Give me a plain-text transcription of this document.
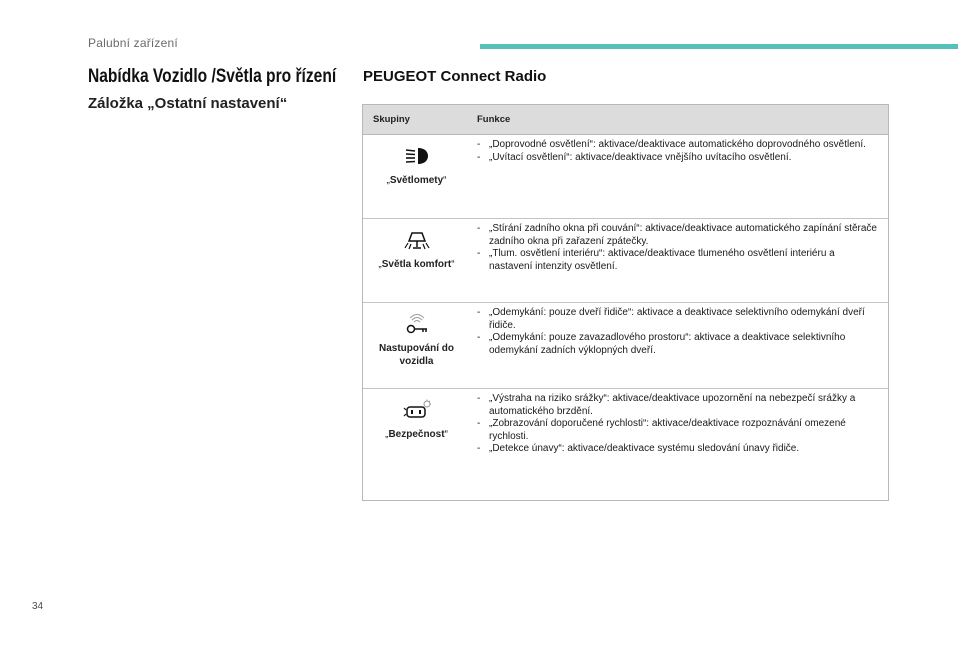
Palubní zařízení
Nabídka Vozidlo /Světla pro řízení
Záložka „Ostatní nastavení“
PEUGEOT Connect Radio
Skupiny	Funkce
„Světlomety“
- „Doprovodné osvětlení“: aktivace/deaktivace automatického doprovodného osvětlení.
- „Uvítací osvětlení“: aktivace/deaktivace vnějšího uvítacího osvětlení.
„Světla komfort“
- „Stírání zadního okna při couvání“: aktivace/deaktivace automatického zapínání stěrače zadního okna při zařazení zpátečky.
- „Tlum. osvětlení interiéru“: aktivace/deaktivace tlumeného osvětlení interiéru a nastavení intenzity osvětlení.
Nastupování do vozidla
- „Odemykání: pouze dveří řidiče“: aktivace a deaktivace selektivního odemykání dveří řidiče.
- „Odemykání: pouze zavazadlového prostoru“: aktivace a deaktivace selektivního odemykání zadních výklopných dveří.
„Bezpečnost“
- „Výstraha na riziko srážky“: aktivace/deaktivace upozornění na nebezpečí srážky a automatického brzdění.
- „Zobrazování doporučené rychlosti“: aktivace/deaktivace rozpoznávání omezené rychlosti.
- „Detekce únavy“: aktivace/deaktivace systému sledování únavy řidiče.
34
